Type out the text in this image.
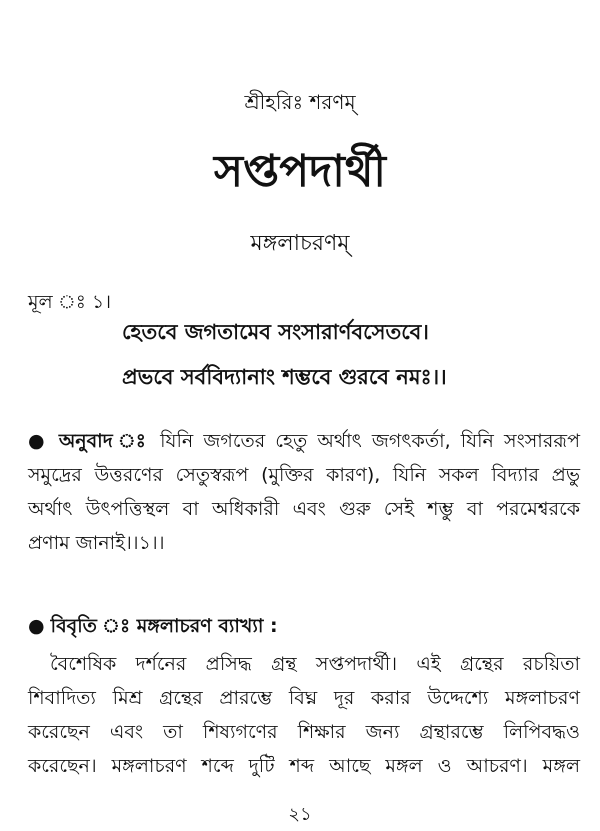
শ্রীহরিঃ শরণম্
সপ্তপদার্থী
মঙ্গলাচরণম্
মূল ঃ ১।
হেতবে জগতামেব সংসারার্ণবসেতবে।
প্রভবে সর্ববিদ্যানাং শম্ভবে গুরবে নমঃ।।
● অনুবাদ ঃ যিনি জগতের হেতু অর্থাৎ জগৎকর্তা, যিনি সংসাররূপ
সমুদ্রের উত্তরণের সেতুস্বরূপ (মুক্তির কারণ), যিনি সকল বিদ্যার প্রভু
অর্থাৎ উৎপত্তিস্থল বা অধিকারী এবং গুরু সেই শম্ভু বা পরমেশ্বরকে
প্রণাম জানাই।।১।।
● বিবৃতি ঃ মঙ্গলাচরণ ব্যাখ্যা :
বৈশেষিক দর্শনের প্রসিদ্ধ গ্রন্থ সপ্তপদার্থী। এই গ্রন্থের রচয়িতা
শিবাদিত্য মিশ্র গ্রন্থের প্রারম্ভে বিঘ্ন দূর করার উদ্দেশ্যে মঙ্গলাচরণ
করেছেন এবং তা শিষ্যগণের শিক্ষার জন্য গ্রন্থারম্ভে লিপিবদ্ধও
করেছেন। মঙ্গলাচরণ শব্দে দুটি শব্দ আছে মঙ্গল ও আচরণ। মঙ্গল
২১
